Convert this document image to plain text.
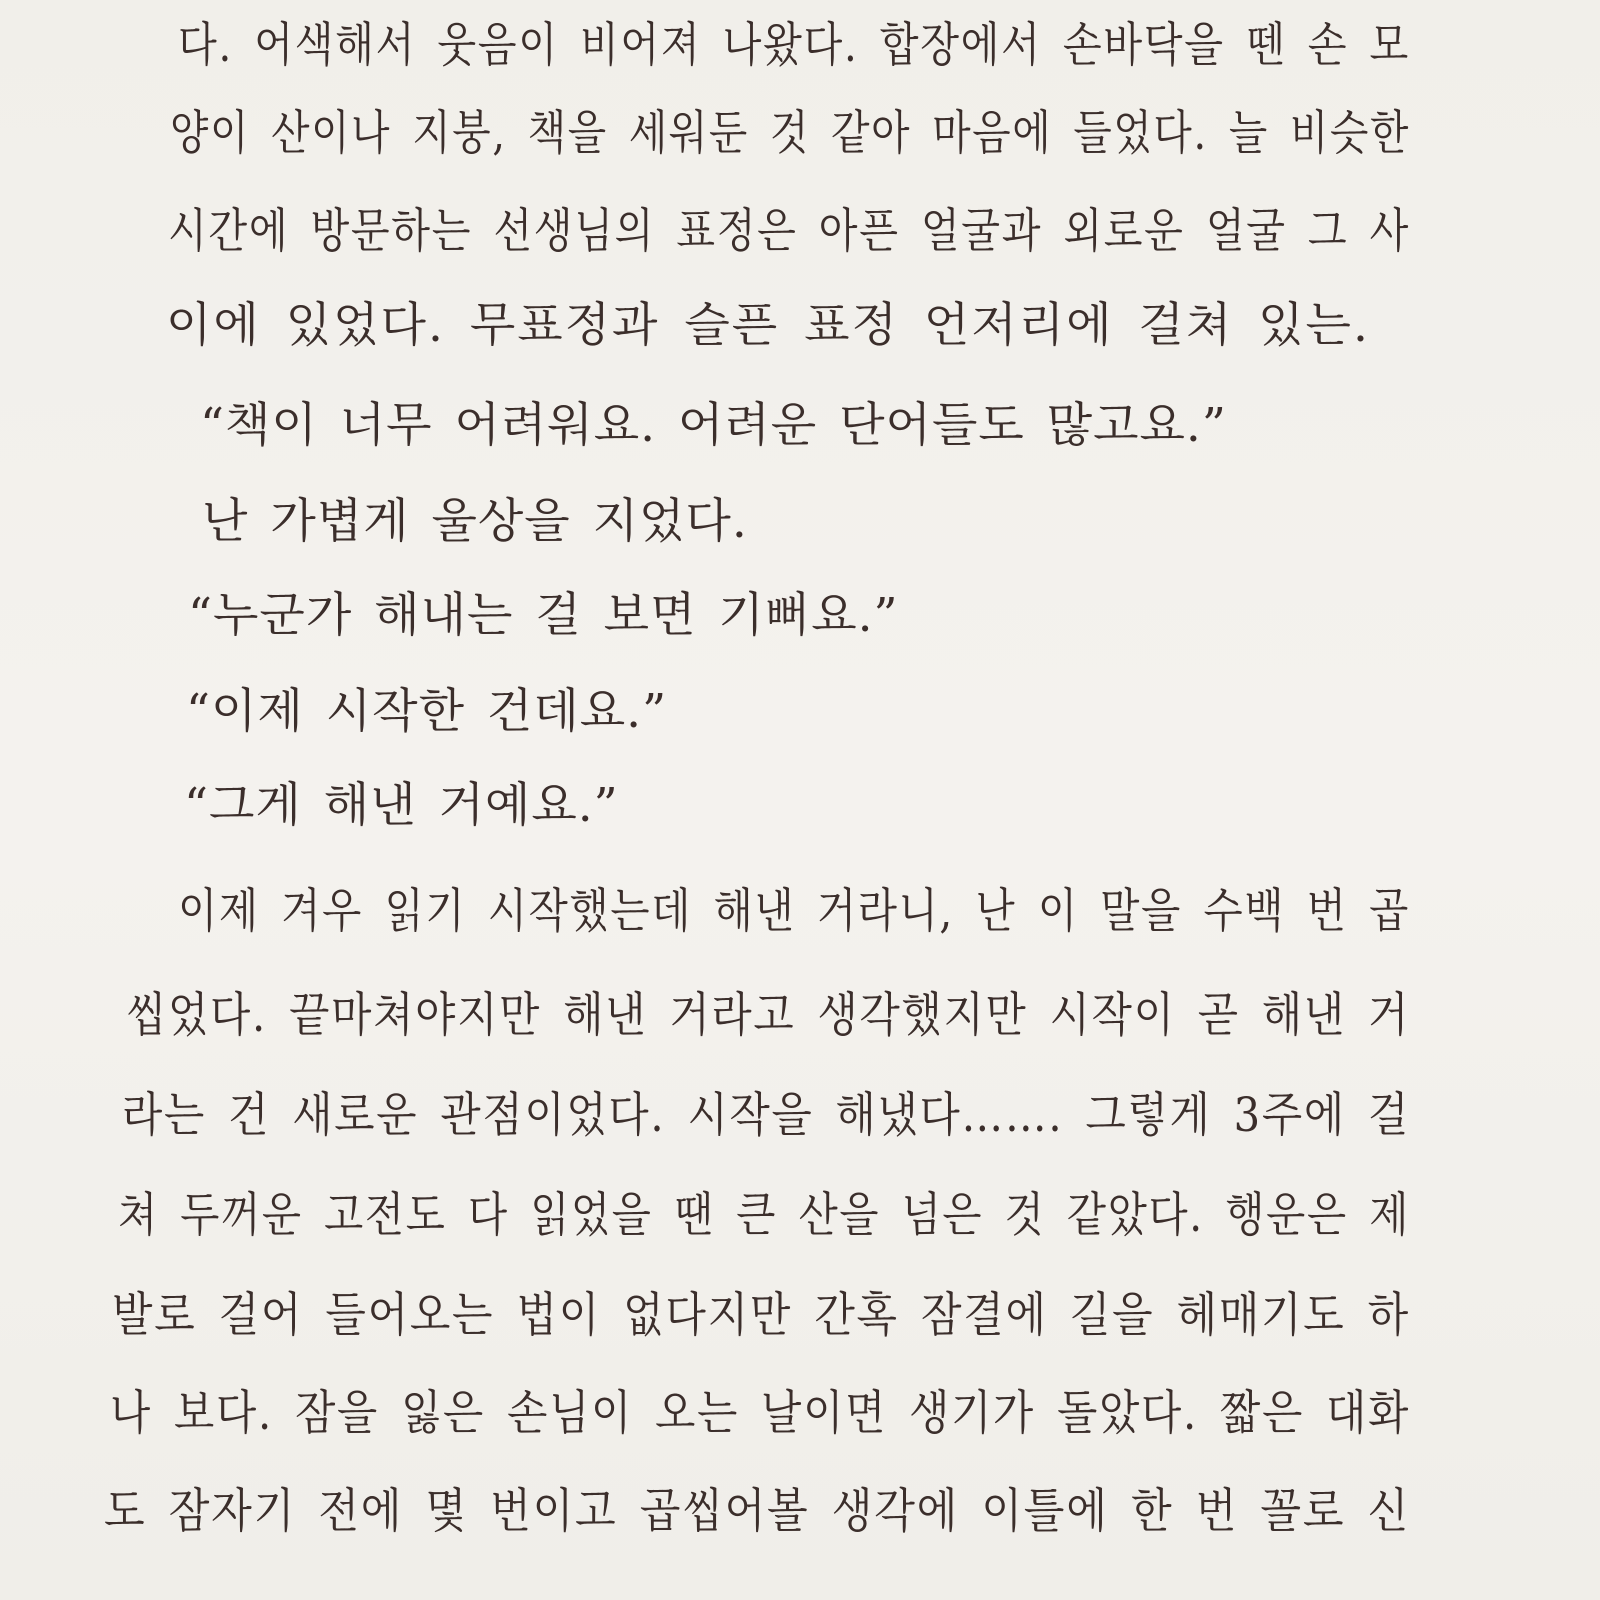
다. 어색해서 웃음이 비어져 나왔다. 합장에서 손바닥을 뗀 손 모

양이 산이나 지붕, 책을 세워둔 것 같아 마음에 들었다. 늘 비슷한

시간에 방문하는 선생님의 표정은 아픈 얼굴과 외로운 얼굴 그 사

이에 있었다. 무표정과 슬픈 표정 언저리에 걸쳐 있는.

“책이 너무 어려워요. 어려운 단어들도 많고요.”

난 가볍게 울상을 지었다.

“누군가 해내는 걸 보면 기뻐요.”

“이제 시작한 건데요.”

“그게 해낸 거예요.”

이제 겨우 읽기 시작했는데 해낸 거라니, 난 이 말을 수백 번 곱

씹었다. 끝마쳐야지만 해낸 거라고 생각했지만 시작이 곧 해낸 거

라는 건 새로운 관점이었다. 시작을 해냈다……. 그렇게 3주에 걸

쳐 두꺼운 고전도 다 읽었을 땐 큰 산을 넘은 것 같았다. 행운은 제

발로 걸어 들어오는 법이 없다지만 간혹 잠결에 길을 헤매기도 하

나 보다. 잠을 잃은 손님이 오는 날이면 생기가 돌았다. 짧은 대화

도 잠자기 전에 몇 번이고 곱씹어볼 생각에 이틀에 한 번 꼴로 신
